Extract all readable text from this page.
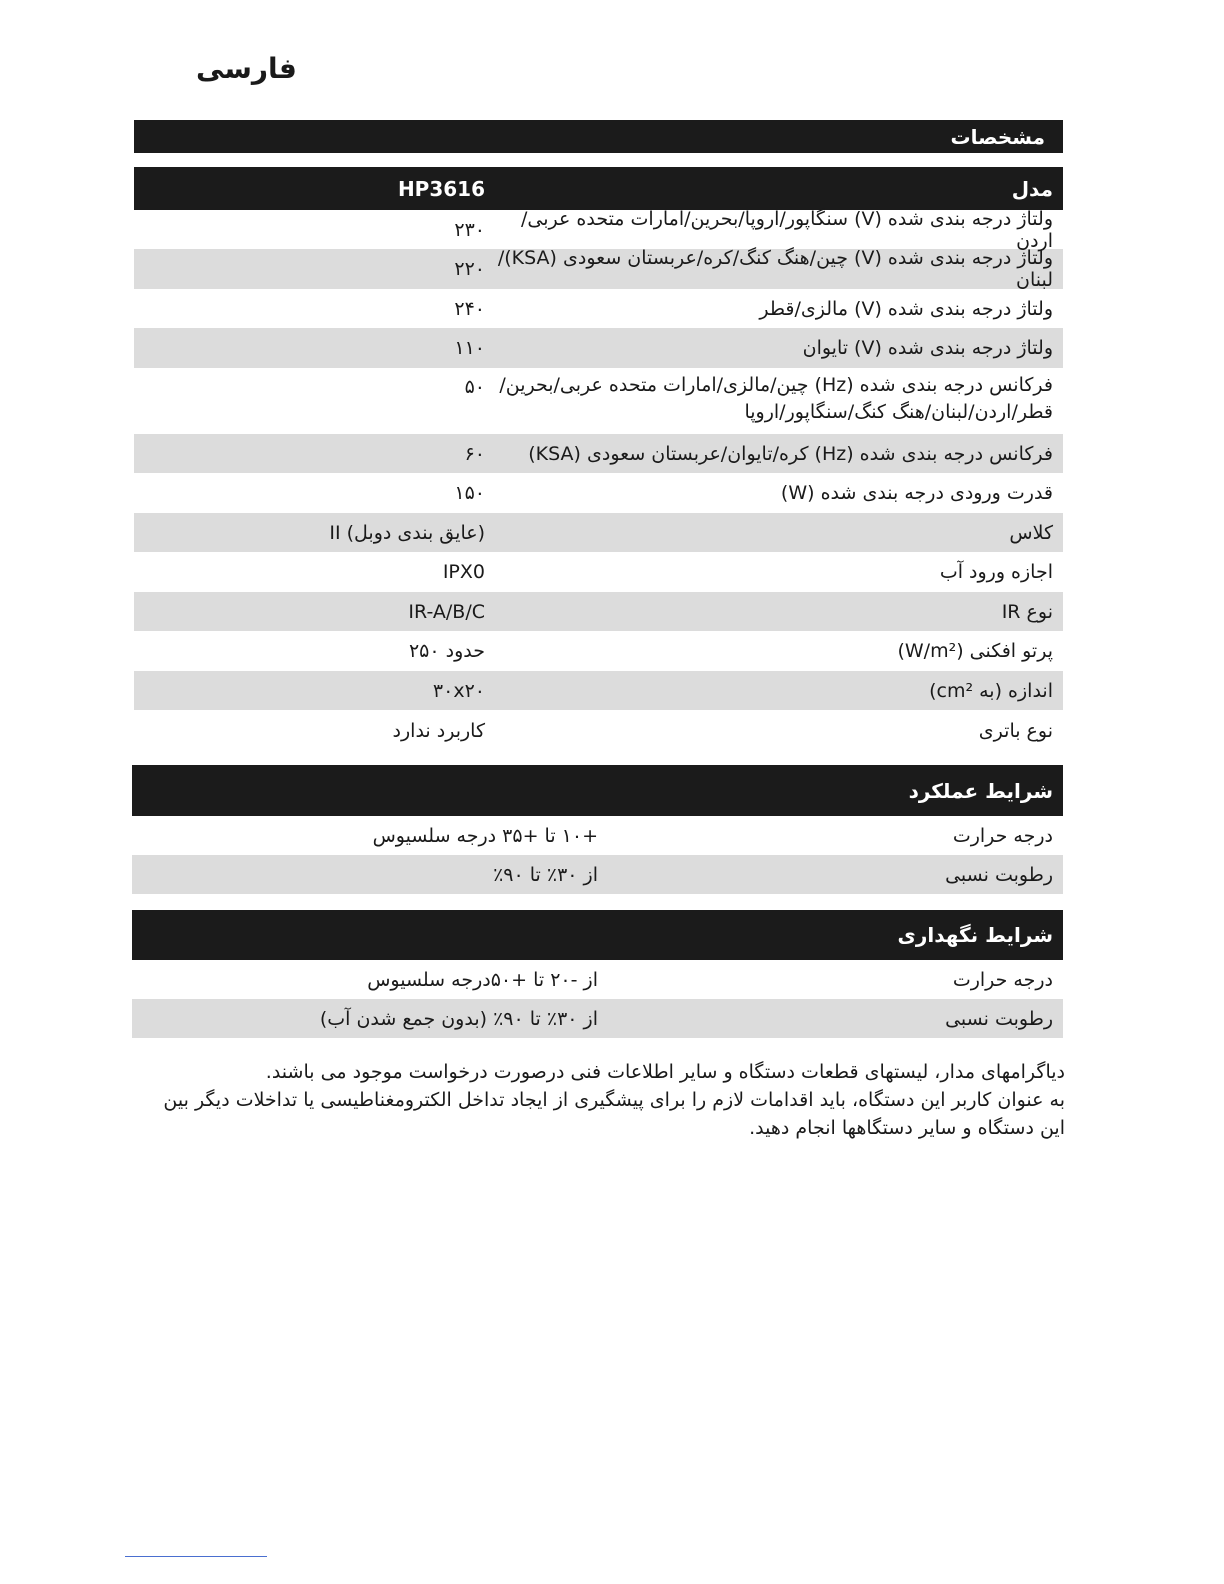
فارسی
مشخصات
مدل
HP3616
ولتاژ درجه بندی شده (V) سنگاپور/اروپا/بحرین/امارات متحده عربی/اردن
۲۳۰
ولتاژ درجه بندی شده (V) چین/هنگ کنگ/کره/عربستان سعودی (KSA)/لبنان
۲۲۰
ولتاژ درجه بندی شده (V) مالزی/قطر
۲۴۰
ولتاژ درجه بندی شده (V) تایوان
۱۱۰
فرکانس درجه بندی شده (Hz) چین/مالزی/امارات متحده عربی/بحرین/قطر/اردن/لبنان/هنگ کنگ/سنگاپور/اروپا
۵۰
فرکانس درجه بندی شده (Hz) کره/تایوان/عربستان سعودی (KSA)
۶۰
قدرت ورودی درجه بندی شده (W)
۱۵۰
کلاس
II (عایق بندی دوبل)
اجازه ورود آب
IPX0
نوع IR
IR-A/B/C
پرتو افکنی (W/m²)
حدود ۲۵۰
اندازه (به cm²)
۳۰x۲۰
نوع باتری
کاربرد ندارد
شرایط عملکرد
درجه حرارت
+۱۰ تا +۳۵ درجه سلسیوس
رطوبت نسبی
از ۳۰٪ تا ۹۰٪
شرایط نگهداری
درجه حرارت
از -۲۰ تا +۵۰درجه سلسیوس
رطوبت نسبی
از ۳۰٪ تا ۹۰٪ (بدون جمع شدن آب)
دیاگرامهای مدار، لیستهای قطعات دستگاه و سایر اطلاعات فنی درصورت درخواست موجود می باشند.
به عنوان کاربر این دستگاه، باید اقدامات لازم را برای پیشگیری از ایجاد تداخل الکترومغناطیسی یا تداخلات دیگر بین این دستگاه و سایر دستگاهها انجام دهید.
